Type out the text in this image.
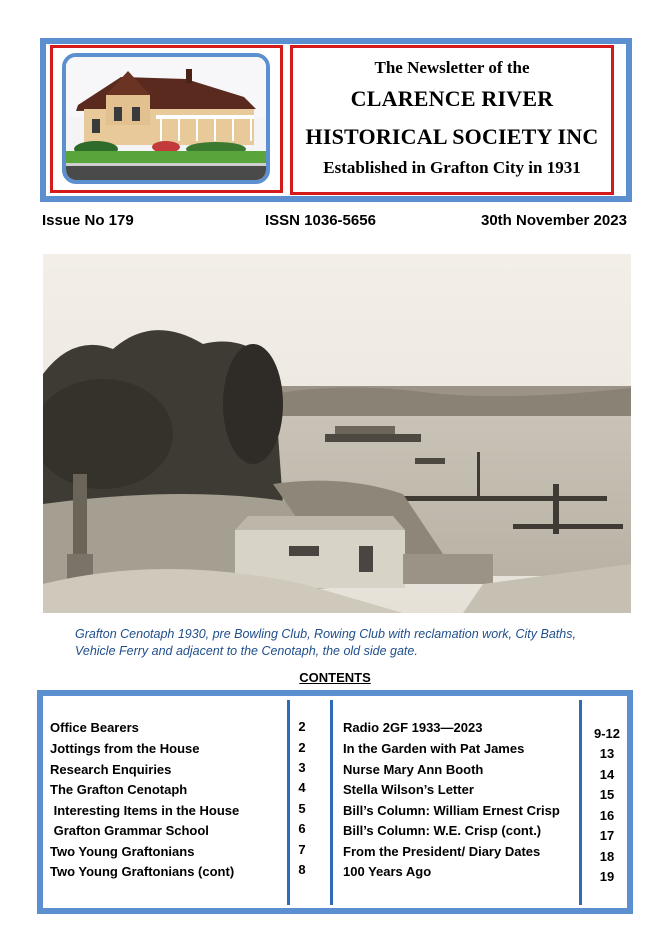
The Newsletter of the
CLARENCE RIVER
HISTORICAL SOCIETY INC
Established in Grafton City in 1931
Issue No 179	ISSN 1036-5656	30th November 2023
Grafton Cenotaph 1930, pre Bowling Club, Rowing Club with reclamation work, City Baths, Vehicle Ferry and adjacent to the Cenotaph, the old side gate.
CONTENTS
Office Bearers
Jottings from the House
Research Enquiries
The Grafton Cenotaph
Interesting Items in the House
Grafton Grammar School
Two Young Graftonians
Two Young Graftonians (cont)
2
2
3
4
5
6
7
8
Radio 2GF 1933—2023
In the Garden with Pat James
Nurse Mary Ann Booth
Stella Wilson’s Letter
Bill’s Column: William Ernest Crisp
Bill’s Column: W.E. Crisp (cont.)
From the President/ Diary Dates
100 Years Ago
9-12
13
14
15
16
17
18
19
